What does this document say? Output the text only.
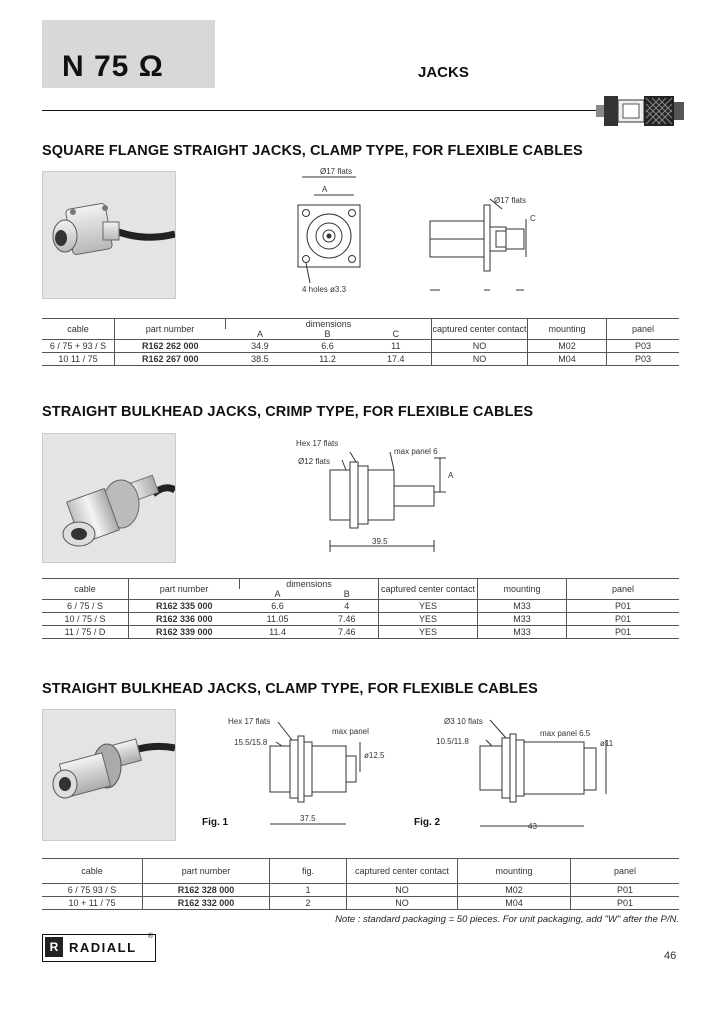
N 75 Ω	JACKS
SQUARE FLANGE STRAIGHT JACKS, CLAMP TYPE, FOR FLEXIBLE CABLES
Ø17 flats
A
4 holes ø3.3
Ø17 flats
C
cable	part number	dimensions			captured center contact	mounting	panel
		A	B	C			
6 / 75 + 93 / S	R162 262 000	34.9	6.6	11	NO	M02	P03
10 11 / 75	R162 267 000	38.5	11.2	17.4	NO	M04	P03
STRAIGHT BULKHEAD JACKS, CRIMP TYPE, FOR FLEXIBLE CABLES
Hex 17 flats
Ø12 flats
max panel 6
A
39.5
cable	part number	dimensions		captured center contact	mounting	panel
		A	B			
6 / 75 / S	R162 335 000	6.6	4	YES	M33	P01
10 / 75 / S	R162 336 000	11.05	7.46	YES	M33	P01
11 / 75 / D	R162 339 000	11.4	7.46	YES	M33	P01
STRAIGHT BULKHEAD JACKS, CLAMP TYPE, FOR FLEXIBLE CABLES
Hex 17 flats
15.5/15.8
max panel
ø12.5
37.5
Fig. 1
Ø3 10 flats
10.5/11.8
max panel 6.5
ø11
43
Fig. 2
cable	part number	fig.	captured center contact	mounting	panel
6 / 75 93 / S	R162 328 000	1	NO	M02	P01
10 + 11 / 75	R162 332 000	2	NO	M04	P01
Note : standard packaging = 50 pieces. For unit packaging, add "W" after the P/N.
R RADIALL
®
46
